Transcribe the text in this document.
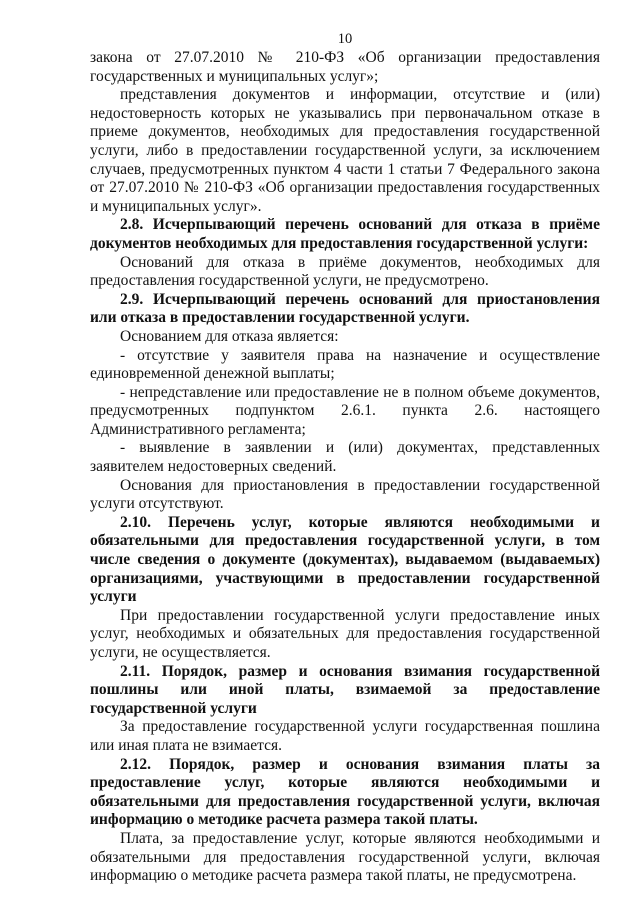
10

закона от 27.07.2010 № 210-ФЗ «Об организации предоставления государственных и муниципальных услуг»;

представления документов и информации, отсутствие и (или) недостоверность которых не указывались при первоначальном отказе в приеме документов, необходимых для предоставления государственной услуги, либо в предоставлении государственной услуги, за исключением случаев, предусмотренных пунктом 4 части 1 статьи 7 Федерального закона от 27.07.2010 № 210-ФЗ «Об организации предоставления государственных и муниципальных услуг».

2.8. Исчерпывающий перечень оснований для отказа в приёме документов необходимых для предоставления государственной услуги:

Оснований для отказа в приёме документов, необходимых для предоставления государственной услуги, не предусмотрено.

2.9. Исчерпывающий перечень оснований для приостановления или отказа в предоставлении государственной услуги.

Основанием для отказа является:

- отсутствие у заявителя права на назначение и осуществление единовременной денежной выплаты;

- непредставление или предоставление не в полном объеме документов, предусмотренных подпунктом 2.6.1. пункта 2.6. настоящего Административного регламента;

- выявление в заявлении и (или) документах, представленных заявителем недостоверных сведений.

Основания для приостановления в предоставлении государственной услуги отсутствуют.

2.10. Перечень услуг, которые являются необходимыми и обязательными для предоставления государственной услуги, в том числе сведения о документе (документах), выдаваемом (выдаваемых) организациями, участвующими в предоставлении государственной услуги

При предоставлении государственной услуги предоставление иных услуг, необходимых и обязательных для предоставления государственной услуги, не осуществляется.

2.11. Порядок, размер и основания взимания государственной пошлины или иной платы, взимаемой за предоставление государственной услуги

За предоставление государственной услуги государственная пошлина или иная плата не взимается.

2.12. Порядок, размер и основания взимания платы за предоставление услуг, которые являются необходимыми и обязательными для предоставления государственной услуги, включая информацию о методике расчета размера такой платы.

Плата, за предоставление услуг, которые являются необходимыми и обязательными для предоставления государственной услуги, включая информацию о методике расчета размера такой платы, не предусмотрена.
